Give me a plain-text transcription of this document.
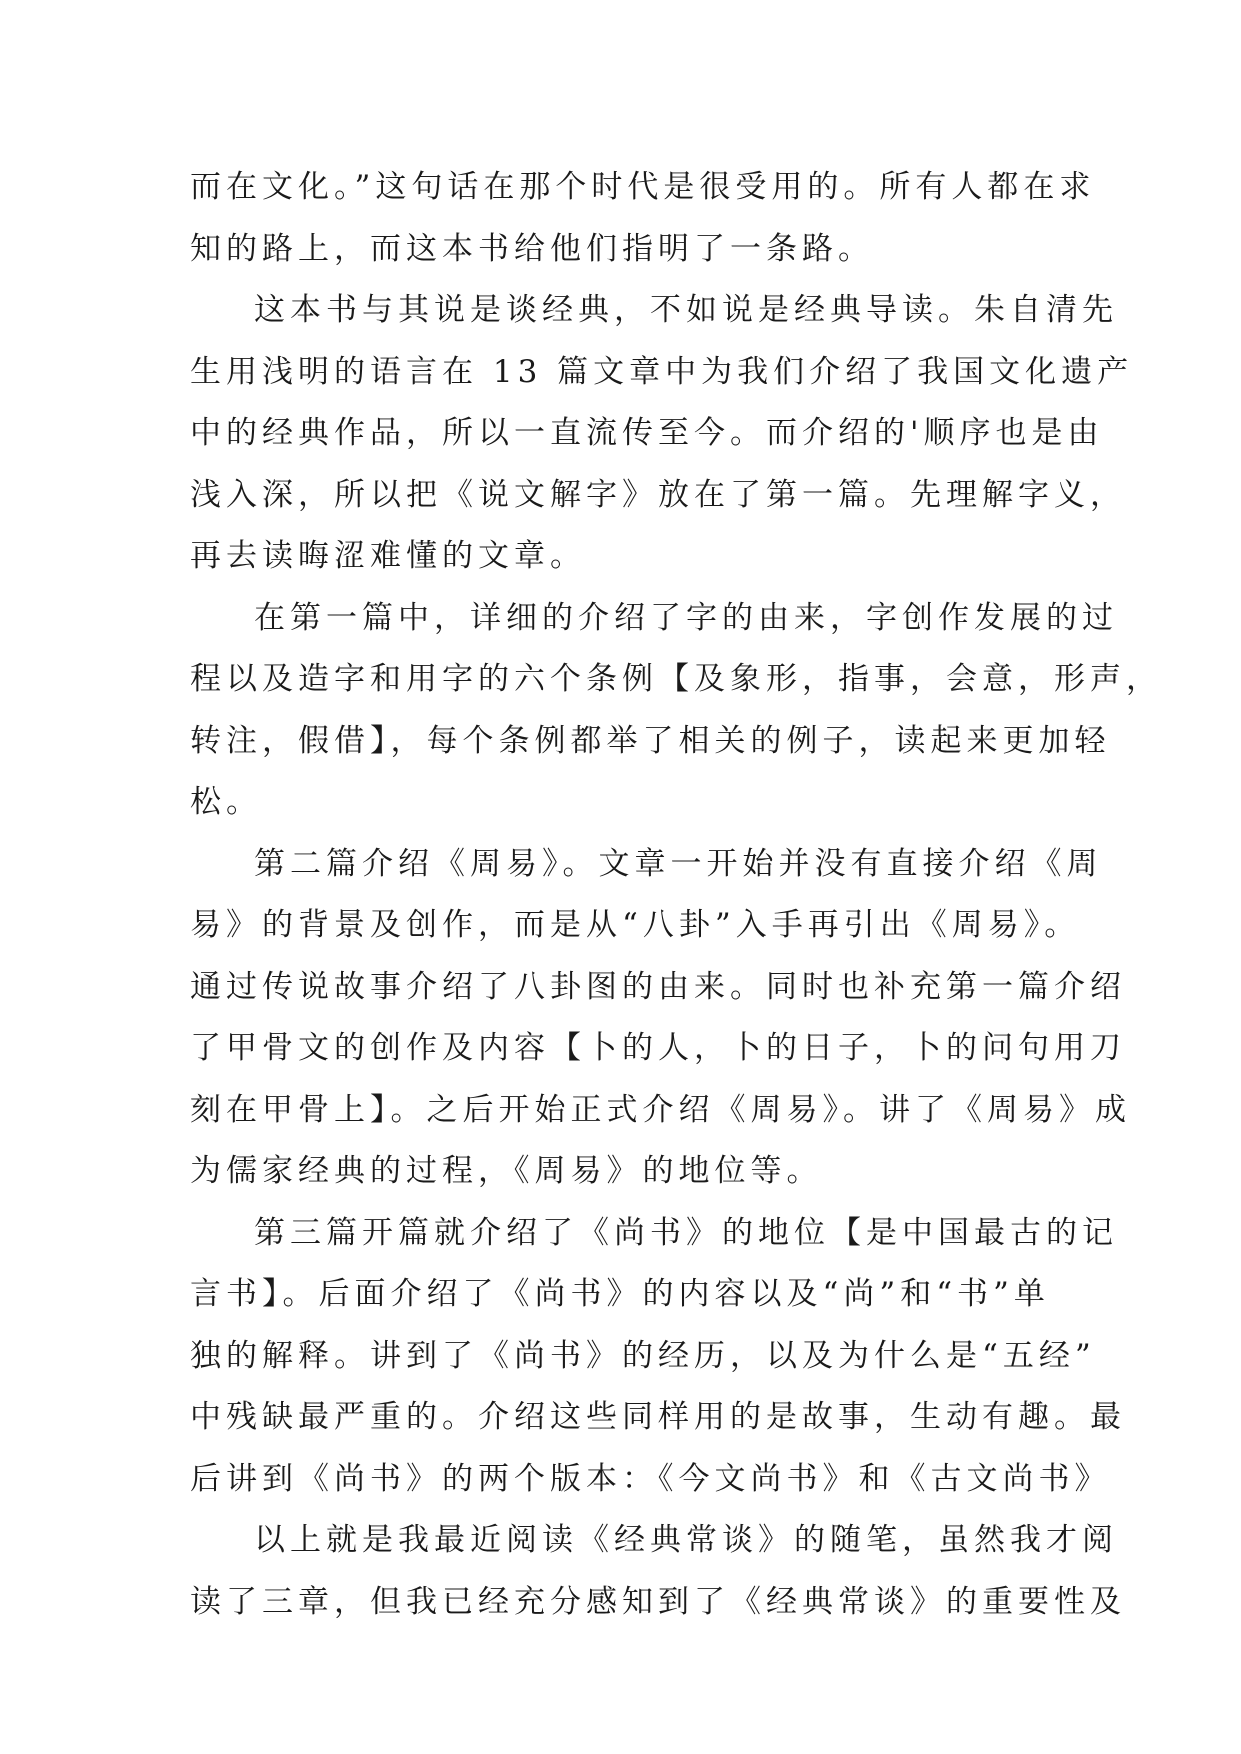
而在文化。”这句话在那个时代是很受用的。所有人都在求
知的路上，而这本书给他们指明了一条路。
这本书与其说是谈经典，不如说是经典导读。朱自清先
生用浅明的语言在 13 篇文章中为我们介绍了我国文化遗产
中的经典作品，所以一直流传至今。而介绍的'顺序也是由
浅入深，所以把《说文解字》放在了第一篇。先理解字义，
再去读晦涩难懂的文章。
在第一篇中，详细的介绍了字的由来，字创作发展的过
程以及造字和用字的六个条例【及象形，指事，会意，形声，
转注，假借】，每个条例都举了相关的例子，读起来更加轻
松。
第二篇介绍《周易》。文章一开始并没有直接介绍《周
易》的背景及创作，而是从“八卦”入手再引出《周易》。
通过传说故事介绍了八卦图的由来。同时也补充第一篇介绍
了甲骨文的创作及内容【卜的人，卜的日子，卜的问句用刀
刻在甲骨上】。之后开始正式介绍《周易》。讲了《周易》成
为儒家经典的过程，《周易》的地位等。
第三篇开篇就介绍了《尚书》的地位【是中国最古的记
言书】。后面介绍了《尚书》的内容以及“尚”和“书”单
独的解释。讲到了《尚书》的经历，以及为什么是“五经”
中残缺最严重的。介绍这些同样用的是故事，生动有趣。最
后讲到《尚书》的两个版本：《今文尚书》和《古文尚书》
以上就是我最近阅读《经典常谈》的随笔，虽然我才阅
读了三章，但我已经充分感知到了《经典常谈》的重要性及
